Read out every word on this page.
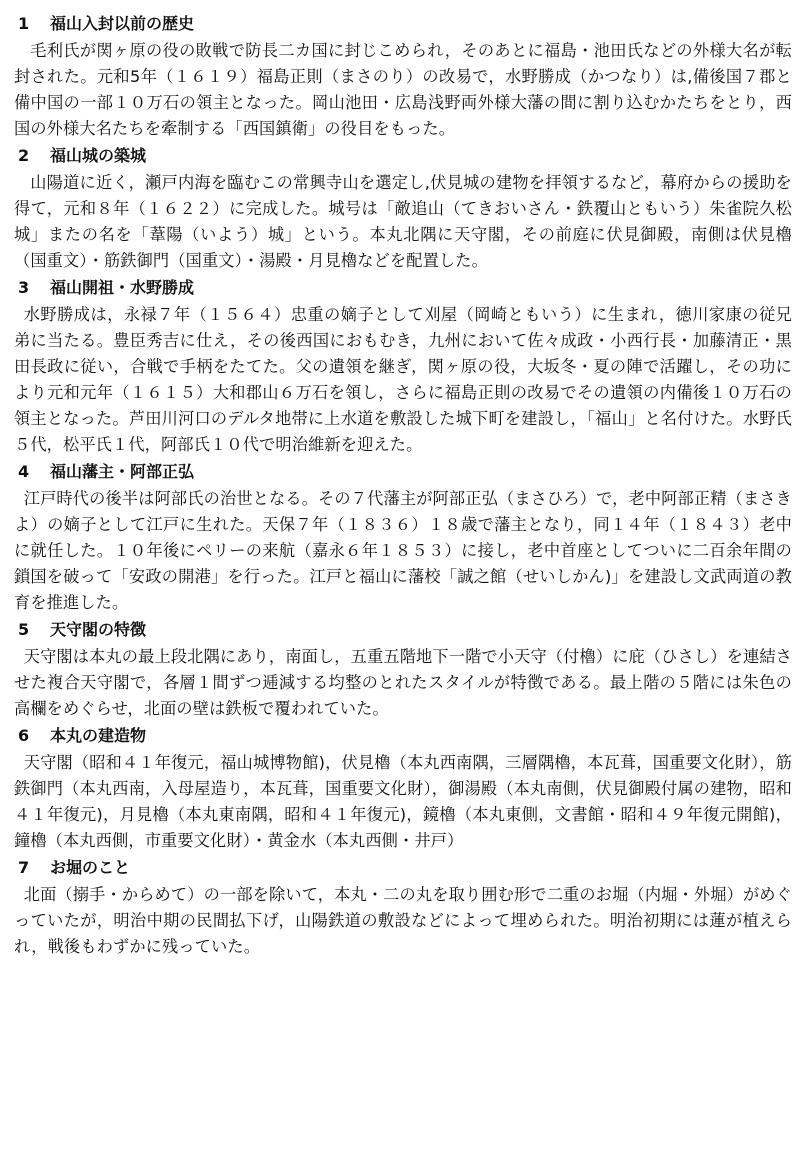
1 福山入封以前の歴史

毛利氏が関ヶ原の役の敗戦で防長二カ国に封じこめられ，そのあとに福島・池田氏などの外様大名が転封された。元和5年（１６１９）福島正則（まさのり）の改易で，水野勝成（かつなり）は,備後国７郡と備中国の一部１０万石の領主となった。岡山池田・広島浅野両外様大藩の間に割り込むかたちをとり，西国の外様大名たちを牽制する「西国鎮衛」の役目をもった。

2 福山城の築城

山陽道に近く，瀬戸内海を臨むこの常興寺山を選定し,伏見城の建物を拝領するなど，幕府からの援助を得て，元和８年（１６２２）に完成した。城号は「敵追山（てきおいさん・鉄覆山ともいう）朱雀院久松城」またの名を「葦陽（いよう）城」という。本丸北隅に天守閣，その前庭に伏見御殿，南側は伏見櫓（国重文）・筋鉄御門（国重文）・湯殿・月見櫓などを配置した。

3 福山開祖・水野勝成

水野勝成は，永禄７年（１５６４）忠重の嫡子として刈屋（岡崎ともいう）に生まれ，徳川家康の従兄弟に当たる。豊臣秀吉に仕え，その後西国におもむき，九州において佐々成政・小西行長・加藤清正・黒田長政に従い，合戦で手柄をたてた。父の遺領を継ぎ，関ヶ原の役，大坂冬・夏の陣で活躍し，その功により元和元年（１６１５）大和郡山６万石を領し，さらに福島正則の改易でその遺領の内備後１０万石の領主となった。芦田川河口のデルタ地帯に上水道を敷設した城下町を建設し，「福山」と名付けた。水野氏５代，松平氏１代，阿部氏１０代で明治維新を迎えた。

4 福山藩主・阿部正弘

江戸時代の後半は阿部氏の治世となる。その７代藩主が阿部正弘（まさひろ）で，老中阿部正精（まさきよ）の嫡子として江戸に生れた。天保７年（１８３６）１８歳で藩主となり，同１４年（１８４３）老中に就任した。１０年後にペリーの来航（嘉永６年１８５３）に接し，老中首座としてついに二百余年間の鎖国を破って「安政の開港」を行った。江戸と福山に藩校「誠之館（せいしかん)」を建設し文武両道の教育を推進した。

5 天守閣の特徴

天守閣は本丸の最上段北隅にあり，南面し，五重五階地下一階で小天守（付櫓）に庇（ひさし）を連結させた複合天守閣で，各層１間ずつ逓減する均整のとれたスタイルが特徴である。最上階の５階には朱色の高欄をめぐらせ，北面の壁は鉄板で覆われていた。

6 本丸の建造物

天守閣（昭和４１年復元，福山城博物館)，伏見櫓（本丸西南隅，三層隅櫓，本瓦葺，国重要文化財），筋鉄御門（本丸西南，入母屋造り，本瓦葺，国重要文化財），御湯殿（本丸南側，伏見御殿付属の建物，昭和４１年復元)，月見櫓（本丸東南隅，昭和４１年復元)，鏡櫓（本丸東側，文書館・昭和４９年復元開館)，鐘櫓（本丸西側，市重要文化財）・黄金水（本丸西側・井戸）

7 お堀のこと

北面（搦手・からめて）の一部を除いて，本丸・二の丸を取り囲む形で二重のお堀（内堀・外堀）がめぐっていたが，明治中期の民間払下げ，山陽鉄道の敷設などによって埋められた。明治初期には蓮が植えられ，戦後もわずかに残っていた。
